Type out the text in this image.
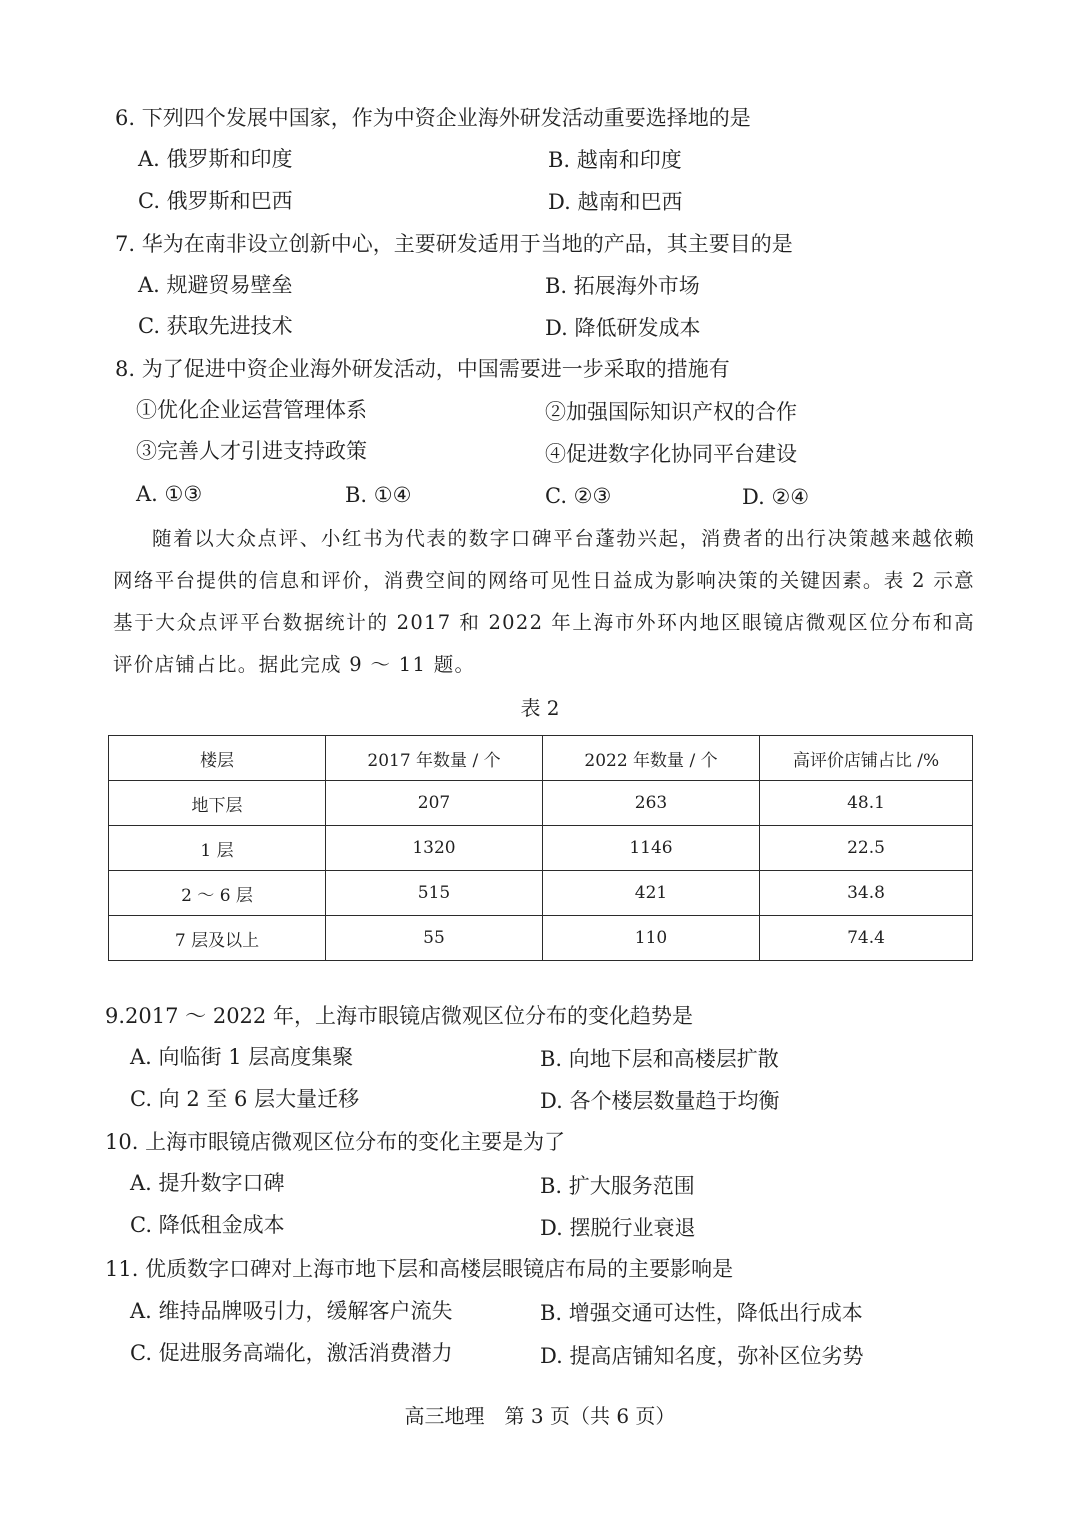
6. 下列四个发展中国家，作为中资企业海外研发活动重要选择地的是
A. 俄罗斯和印度	B. 越南和印度
C. 俄罗斯和巴西	D. 越南和巴西
7. 华为在南非设立创新中心，主要研发适用于当地的产品，其主要目的是
A. 规避贸易壁垒	B. 拓展海外市场
C. 获取先进技术	D. 降低研发成本
8. 为了促进中资企业海外研发活动，中国需要进一步采取的措施有
①优化企业运营管理体系	②加强国际知识产权的合作
③完善人才引进支持政策	④促进数字化协同平台建设
A. ①③	B. ①④	C. ②③	D. ②④
随着以大众点评、小红书为代表的数字口碑平台蓬勃兴起，消费者的出行决策越来越依赖网络平台提供的信息和评价，消费空间的网络可见性日益成为影响决策的关键因素。表 2 示意基于大众点评平台数据统计的 2017 和 2022 年上海市外环内地区眼镜店微观区位分布和高评价店铺占比。据此完成 9 ～ 11 题。
表 2
楼层	2017 年数量 / 个	2022 年数量 / 个	高评价店铺占比 /%
地下层	207	263	48.1
1 层	1320	1146	22.5
2 ～ 6 层	515	421	34.8
7 层及以上	55	110	74.4
9.2017 ～ 2022 年，上海市眼镜店微观区位分布的变化趋势是
A. 向临街 1 层高度集聚	B. 向地下层和高楼层扩散
C. 向 2 至 6 层大量迁移	D. 各个楼层数量趋于均衡
10. 上海市眼镜店微观区位分布的变化主要是为了
A. 提升数字口碑	B. 扩大服务范围
C. 降低租金成本	D. 摆脱行业衰退
11. 优质数字口碑对上海市地下层和高楼层眼镜店布局的主要影响是
A. 维持品牌吸引力，缓解客户流失	B. 增强交通可达性，降低出行成本
C. 促进服务高端化，激活消费潜力	D. 提高店铺知名度，弥补区位劣势
高三地理　第 3 页（共 6 页）
